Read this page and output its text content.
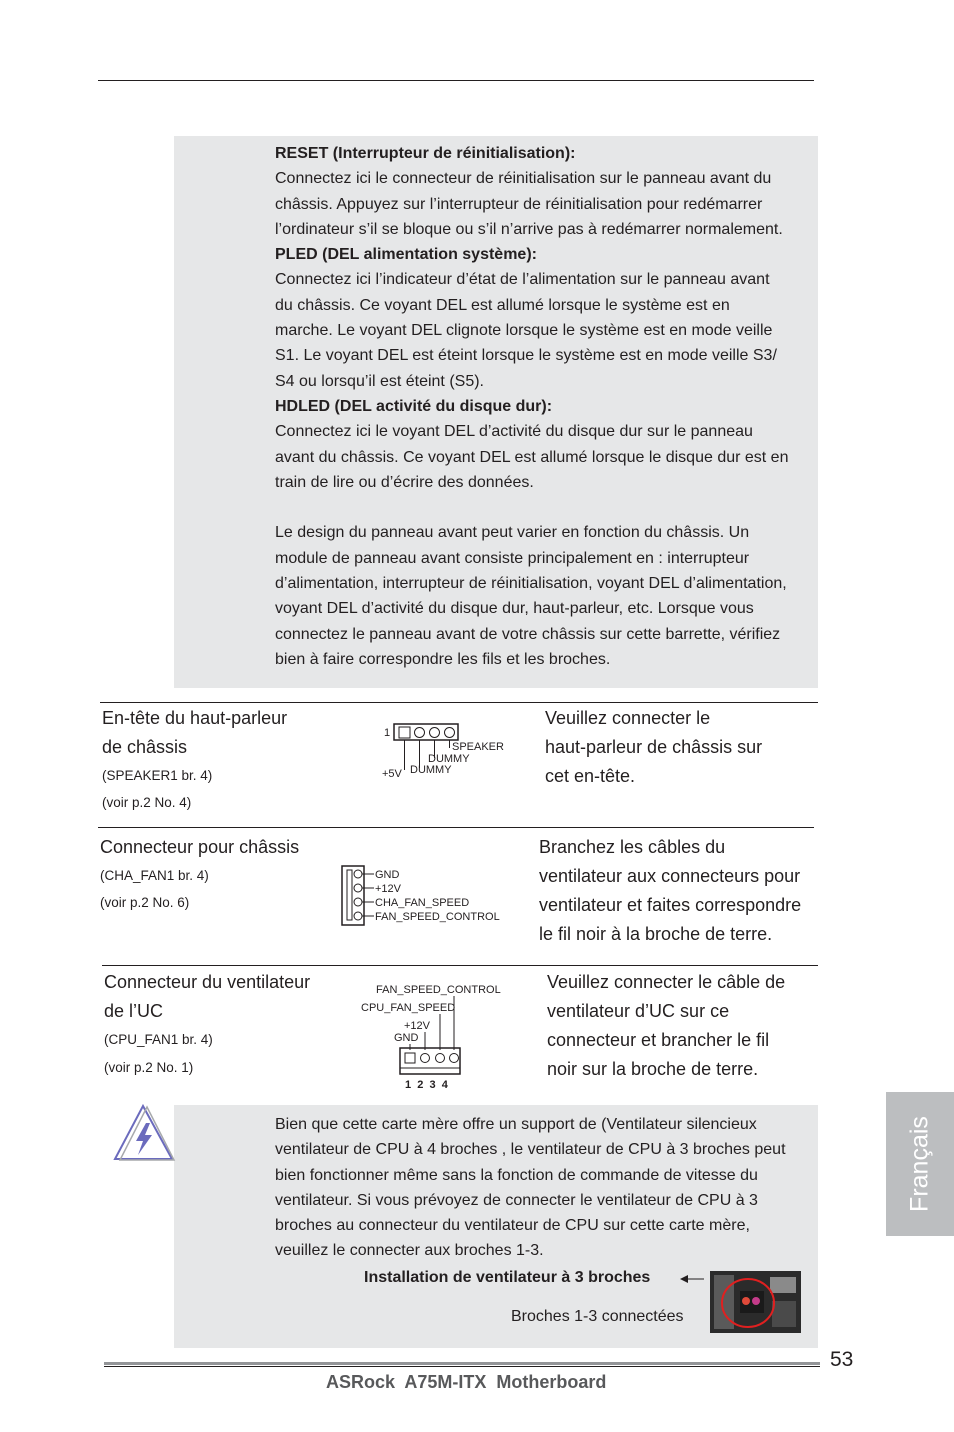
RESET (Interrupteur de réinitialisation):

Connectez ici le connecteur de réinitialisation sur le panneau avant du

châssis. Appuyez sur l’interrupteur de réinitialisation pour redémarrer

l’ordinateur s’il se bloque ou s’il n’arrive pas à redémarrer normalement.

PLED (DEL alimentation système):

Connectez ici l’indicateur d’état de l’alimentation sur le panneau avant

du châssis. Ce voyant DEL est allumé lorsque le système est en

marche. Le voyant DEL clignote lorsque le système est en mode veille

S1. Le voyant DEL est éteint lorsque le système est en mode veille S3/

S4 ou lorsqu’il est éteint (S5).

HDLED (DEL activité du disque dur):

Connectez ici le voyant DEL d’activité du disque dur sur le panneau

avant du châssis. Ce voyant DEL est allumé lorsque le disque dur est en

train de lire ou d’écrire des données.

Le design du panneau avant peut varier en fonction du châssis. Un

module de panneau avant consiste principalement en : interrupteur

d’alimentation, interrupteur de réinitialisation, voyant DEL d’alimentation,

voyant DEL d’activité du disque dur, haut-parleur, etc. Lorsque vous

connectez le panneau avant de votre châssis sur cette barrette, vérifiez

bien à faire correspondre les fils et les broches.

En-tête du haut-parleur
de châssis
(SPEAKER1 br. 4)
(voir p.2 No. 4)
1
SPEAKER
DUMMY
DUMMY
+5V
Veuillez connecter le
haut-parleur de châssis sur
cet en-tête.
Connecteur pour châssis
(CHA_FAN1 br. 4)
(voir p.2 No. 6)
GND
+12V
CHA_FAN_SPEED
FAN_SPEED_CONTROL
Branchez les câbles du
ventilateur aux connecteurs pour
ventilateur et faites correspondre
le fil noir à la broche de terre.
Connecteur du ventilateur
de l’UC
(CPU_FAN1 br. 4)
(voir p.2 No. 1)
FAN_SPEED_CONTROL
CPU_FAN_SPEED
+12V
GND
1  2  3  4
Veuillez connecter le câble de
ventilateur d’UC sur ce
connecteur et brancher le fil
noir sur la broche de terre.

Bien que cette carte mère offre un support de (Ventilateur silencieux

ventilateur de CPU à 4 broches , le ventilateur de CPU à 3 broches peut

bien fonctionner même sans la fonction de commande de vitesse du

ventilateur. Si vous prévoyez de connecter le ventilateur de CPU à 3

broches au connecteur du ventilateur de CPU sur cette carte mère,

veuillez le connecter aux broches 1-3.

Installation de ventilateur à 3 broches
Broches 1-3 connectées
Français
ASRock  A75M-ITX  Motherboard
53
